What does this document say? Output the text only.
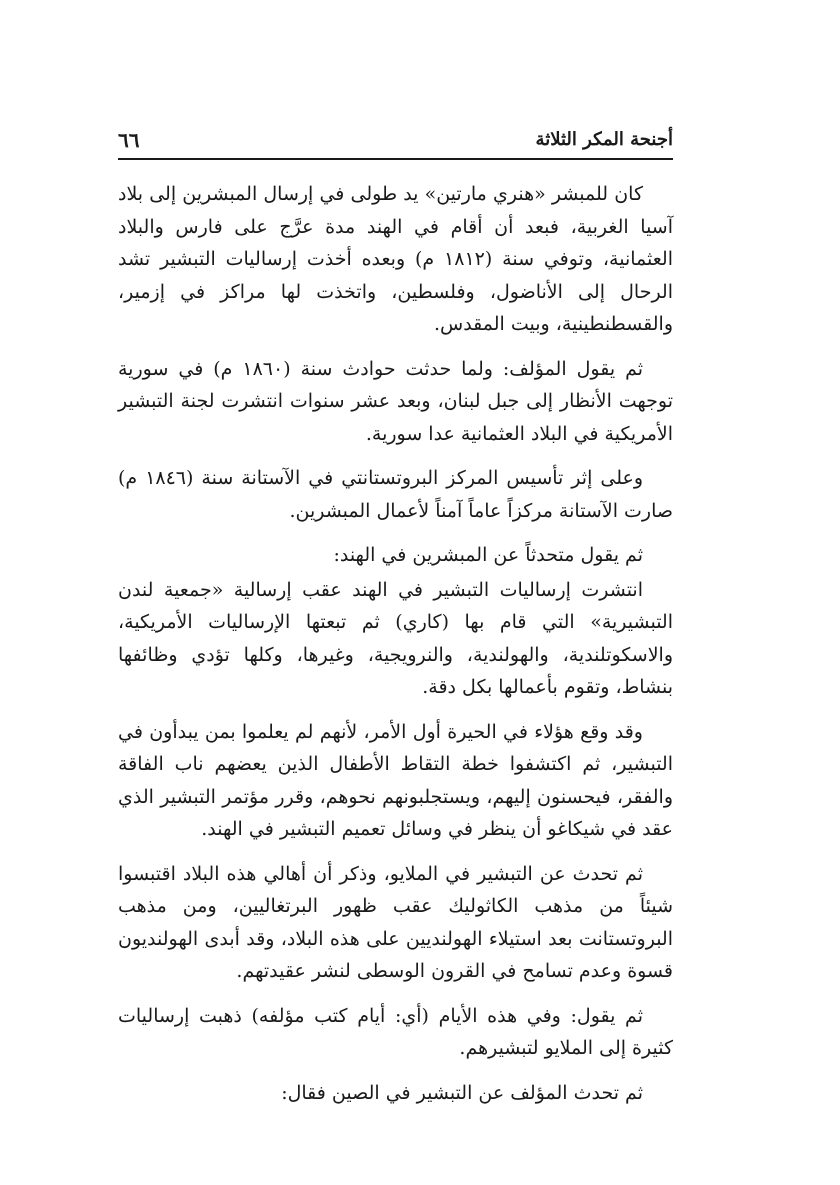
أجنحة المكر الثلاثة
٦٦

كان للمبشر «هنري مارتين» يد طولى في إرسال المبشرين إلى بلاد آسيا الغربية، فبعد أن أقام في الهند مدة عرَّج على فارس والبلاد العثمانية، وتوفي سنة (١٨١٢ م) وبعده أخذت إرساليات التبشير تشد الرحال إلى الأناضول، وفلسطين، واتخذت لها مراكز في إزمير، والقسطنطينية، وبيت المقدس.

ثم يقول المؤلف: ولما حدثت حوادث سنة (١٨٦٠ م) في سورية توجهت الأنظار إلى جبل لبنان، وبعد عشر سنوات انتشرت لجنة التبشير الأمريكية في البلاد العثمانية عدا سورية.

وعلى إثر تأسيس المركز البروتستانتي في الآستانة سنة (١٨٤٦ م) صارت الآستانة مركزاً عاماً آمناً لأعمال المبشرين.

ثم يقول متحدثاً عن المبشرين في الهند:

انتشرت إرساليات التبشير في الهند عقب إرسالية «جمعية لندن التبشيرية» التي قام بها (كاري) ثم تبعتها الإرساليات الأمريكية، والاسكوتلندية، والهولندية، والنرويجية، وغيرها، وكلها تؤدي وظائفها بنشاط، وتقوم بأعمالها بكل دقة.

وقد وقع هؤلاء في الحيرة أول الأمر، لأنهم لم يعلموا بمن يبدأون في التبشير، ثم اكتشفوا خطة التقاط الأطفال الذين يعضهم ناب الفاقة والفقر، فيحسنون إليهم، ويستجلبونهم نحوهم، وقرر مؤتمر التبشير الذي عقد في شيكاغو أن ينظر في وسائل تعميم التبشير في الهند.

ثم تحدث عن التبشير في الملايو، وذكر أن أهالي هذه البلاد اقتبسوا شيئاً من مذهب الكاثوليك عقب ظهور البرتغاليين، ومن مذهب البروتستانت بعد استيلاء الهولنديين على هذه البلاد، وقد أبدى الهولنديون قسوة وعدم تسامح في القرون الوسطى لنشر عقيدتهم.

ثم يقول: وفي هذه الأيام (أي: أيام كتب مؤلفه) ذهبت إرساليات كثيرة إلى الملايو لتبشيرهم.

ثم تحدث المؤلف عن التبشير في الصين فقال:
